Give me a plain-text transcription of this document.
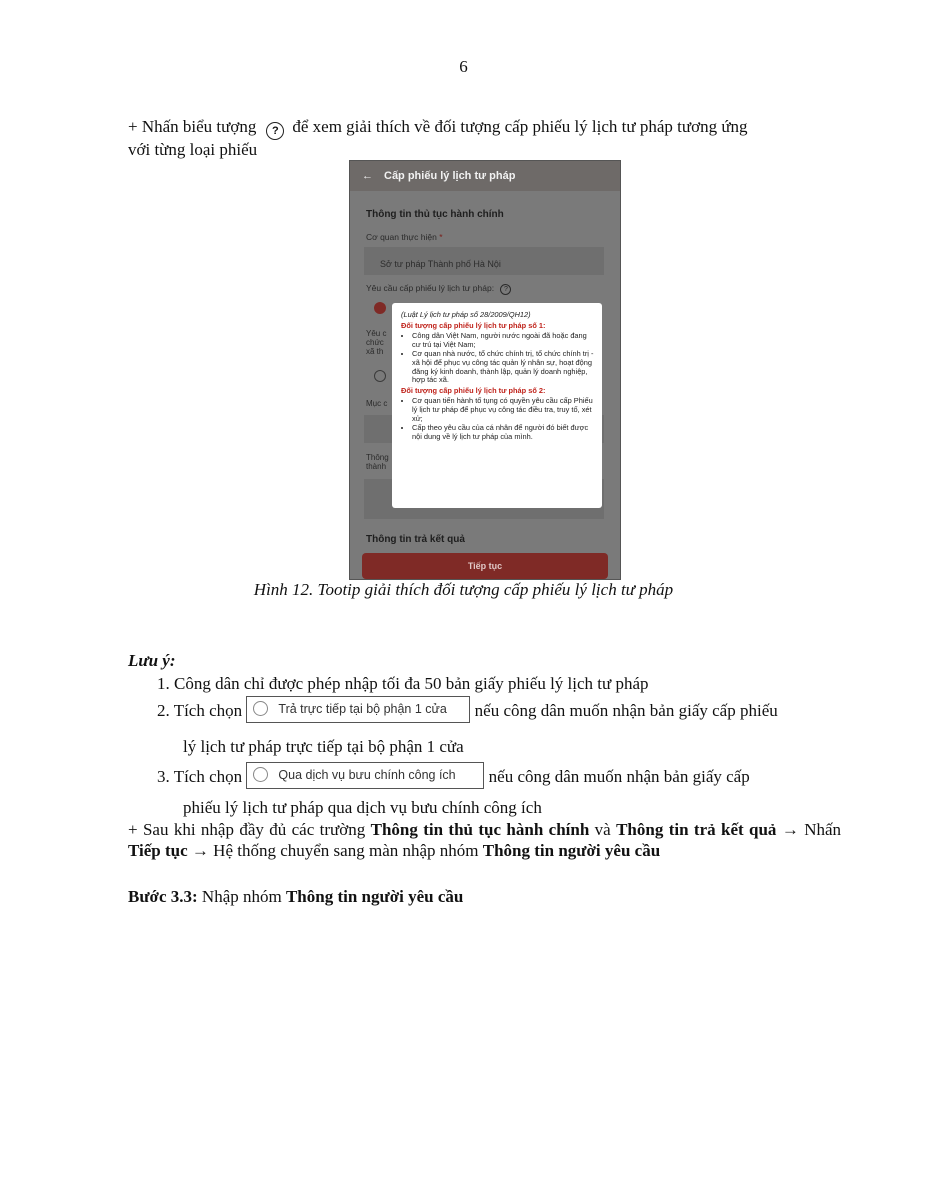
6
+ Nhấn biểu tượng ? để xem giải thích về đối tượng cấp phiếu lý lịch tư pháp tương ứng
với từng loại phiếu
← Cấp phiếu lý lịch tư pháp
Thông tin thủ tục hành chính
Cơ quan thực hiện *
Sở tư pháp Thành phố Hà Nội
Yêu cầu cấp phiếu lý lịch tư pháp: ?
Yêu c
chức
xã th
Mục c
Thông
thành
Thông tin trả kết quả
Tiếp tục
(Luật Lý lịch tư pháp số 28/2009/QH12)
Đối tượng cấp phiếu lý lịch tư pháp số 1:
• Công dân Việt Nam, người nước ngoài đã hoặc đang cư trú tại Việt Nam;
• Cơ quan nhà nước, tổ chức chính trị, tổ chức chính trị - xã hội để phục vụ công tác quản lý nhân sự, hoạt động đăng ký kinh doanh, thành lập, quản lý doanh nghiệp, hợp tác xã.
Đối tượng cấp phiếu lý lịch tư pháp số 2:
• Cơ quan tiến hành tố tụng có quyền yêu cầu cấp Phiếu lý lịch tư pháp để phục vụ công tác điều tra, truy tố, xét xử;
• Cấp theo yêu cầu của cá nhân để người đó biết được nội dung về lý lịch tư pháp của mình.
Hình 12. Tootip giải thích đối tượng cấp phiếu lý lịch tư pháp
Lưu ý:
1. Công dân chỉ được phép nhập tối đa 50 bản giấy phiếu lý lịch tư pháp
2. Tích chọn	Trả trực tiếp tại bộ phận 1 cửa nếu công dân muốn nhận bản giấy cấp phiếu
lý lịch tư pháp trực tiếp tại bộ phận 1 cửa
3. Tích chọn	Qua dịch vụ bưu chính công ích nếu công dân muốn nhận bản giấy cấp
phiếu lý lịch tư pháp qua dịch vụ bưu chính công ích
+ Sau khi nhập đầy đủ các trường Thông tin thủ tục hành chính và Thông tin trả kết quả → Nhấn Tiếp tục → Hệ thống chuyển sang màn nhập nhóm Thông tin người yêu cầu
Bước 3.3: Nhập nhóm Thông tin người yêu cầu
